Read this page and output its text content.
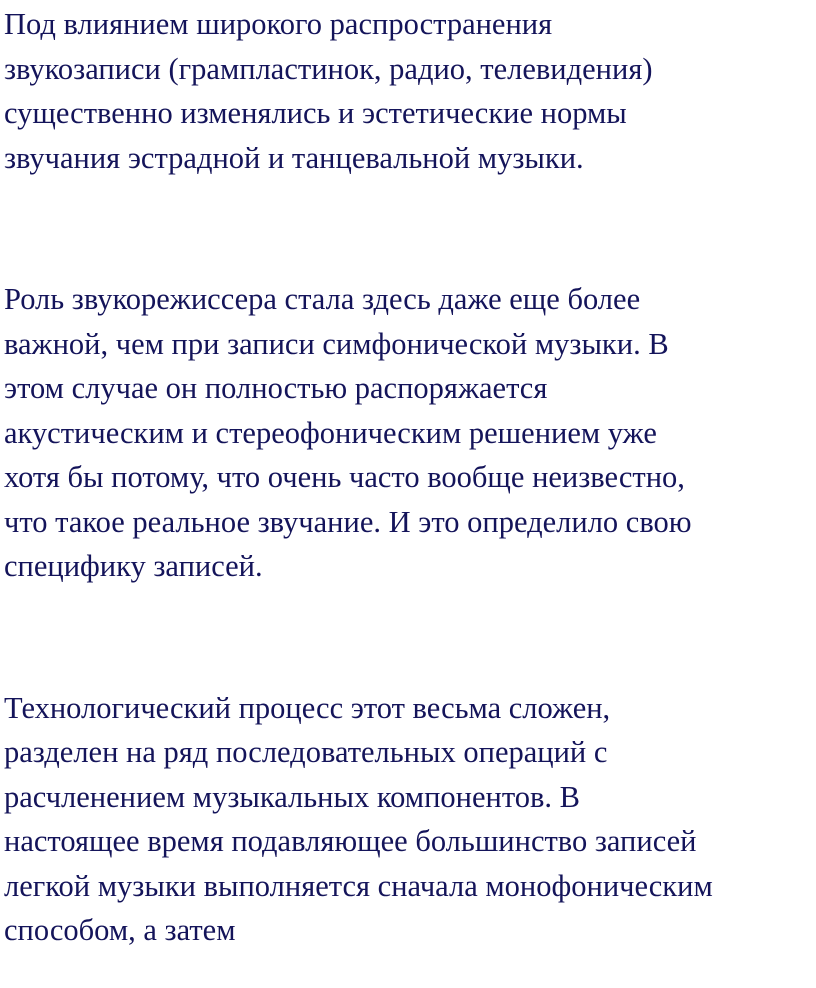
Под влиянием широкого распространения
звукозаписи (грампластинок, радио, телевидения)
существенно изменялись и эстетические нормы
звучания эстрадной и танцевальной музыки.

Роль звукорежиссера стала здесь даже еще более
важной, чем при записи симфонической музыки. В
этом случае он полностью распоряжается
акустическим и стереофоническим решением уже
хотя бы потому, что очень часто вообще неизвестно,
что такое реальное звучание. И это определило свою
специфику записей.

Технологический процесс этот весьма сложен,
разделен на ряд последовательных операций с
расчленением музыкальных компонентов. В
настоящее время подавляющее большинство записей
легкой музыки выполняется сначала монофоническим
способом, а затем
